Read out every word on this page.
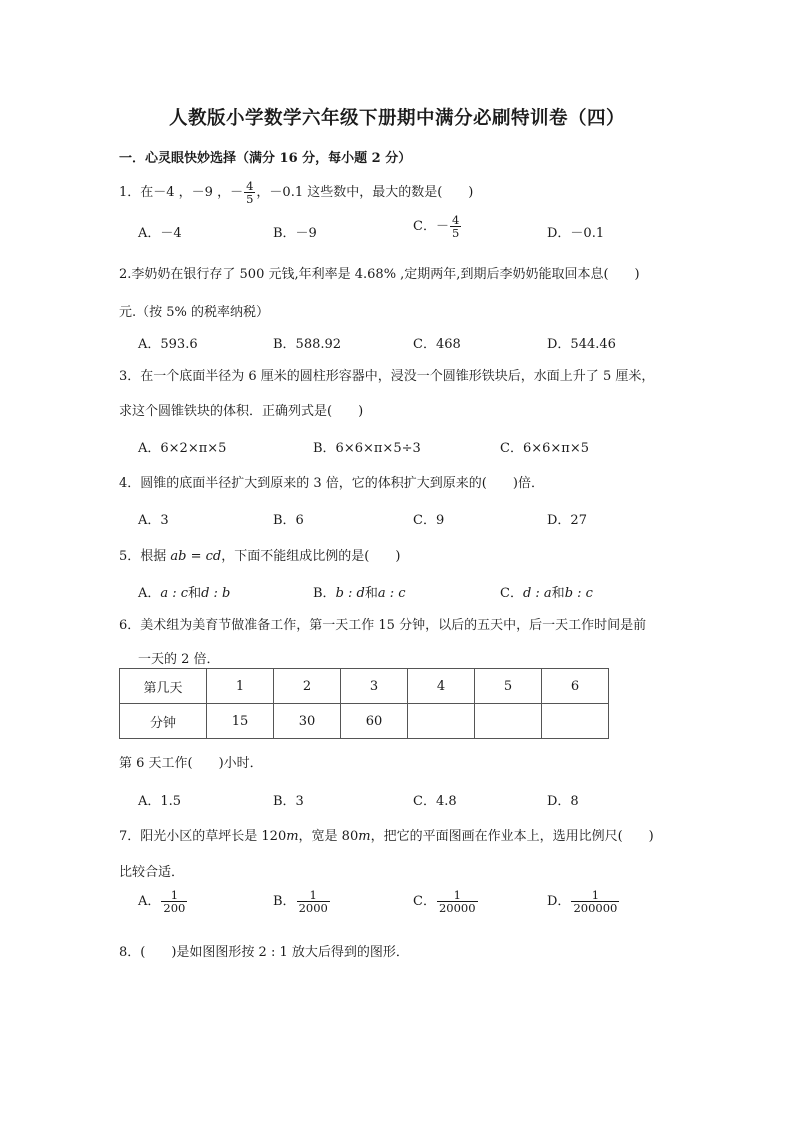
人教版小学数学六年级下册期中满分必刷特训卷（四）
一．心灵眼快妙选择（满分 16 分，每小题 2 分）
1．在－4 ，－9 ，－ $\frac{4}{5}$ ，－0.1 这些数中，最大的数是(　　)
A．－4	B．－9	C．－ $\frac{4}{5}$	D．－0.1
2.李奶奶在银行存了 500 元钱,年利率是 4.68% ,定期两年,到期后李奶奶能取回本息(　　)
元.（按 5% 的税率纳税）
A．593.6	B．588.92	C．468	D．544.46
3．在一个底面半径为 6 厘米的圆柱形容器中，浸没一个圆锥形铁块后，水面上升了 5 厘米，
求这个圆锥铁块的体积．正确列式是(　　)
A．6×2×π×5	B．6×6×π×5÷3	C．6×6×π×5
4．圆锥的底面半径扩大到原来的 3 倍，它的体积扩大到原来的(　　)倍．
A．3	B．6	C．9	D．27
5．根据 ab = cd，下面不能组成比例的是(　　)
A．a : c和d : b	B．b : d和a : c	C．d : a和b : c
6．美术组为美育节做准备工作，第一天工作 15 分钟，以后的五天中，后一天工作时间是前
一天的 2 倍．
第几天	1	2	3	4	5	6
分钟	15	30	60			
第 6 天工作(　　)小时．
A．1.5	B．3	C．4.8	D．8
7．阳光小区的草坪长是 120m，宽是 80m，把它的平面图画在作业本上，选用比例尺(　　)
比较合适．
A． $\frac{1}{200}$	B． $\frac{1}{2000}$	C． $\frac{1}{20000}$	D． $\frac{1}{200000}$
8．(　　)是如图图形按 2 : 1 放大后得到的图形．
